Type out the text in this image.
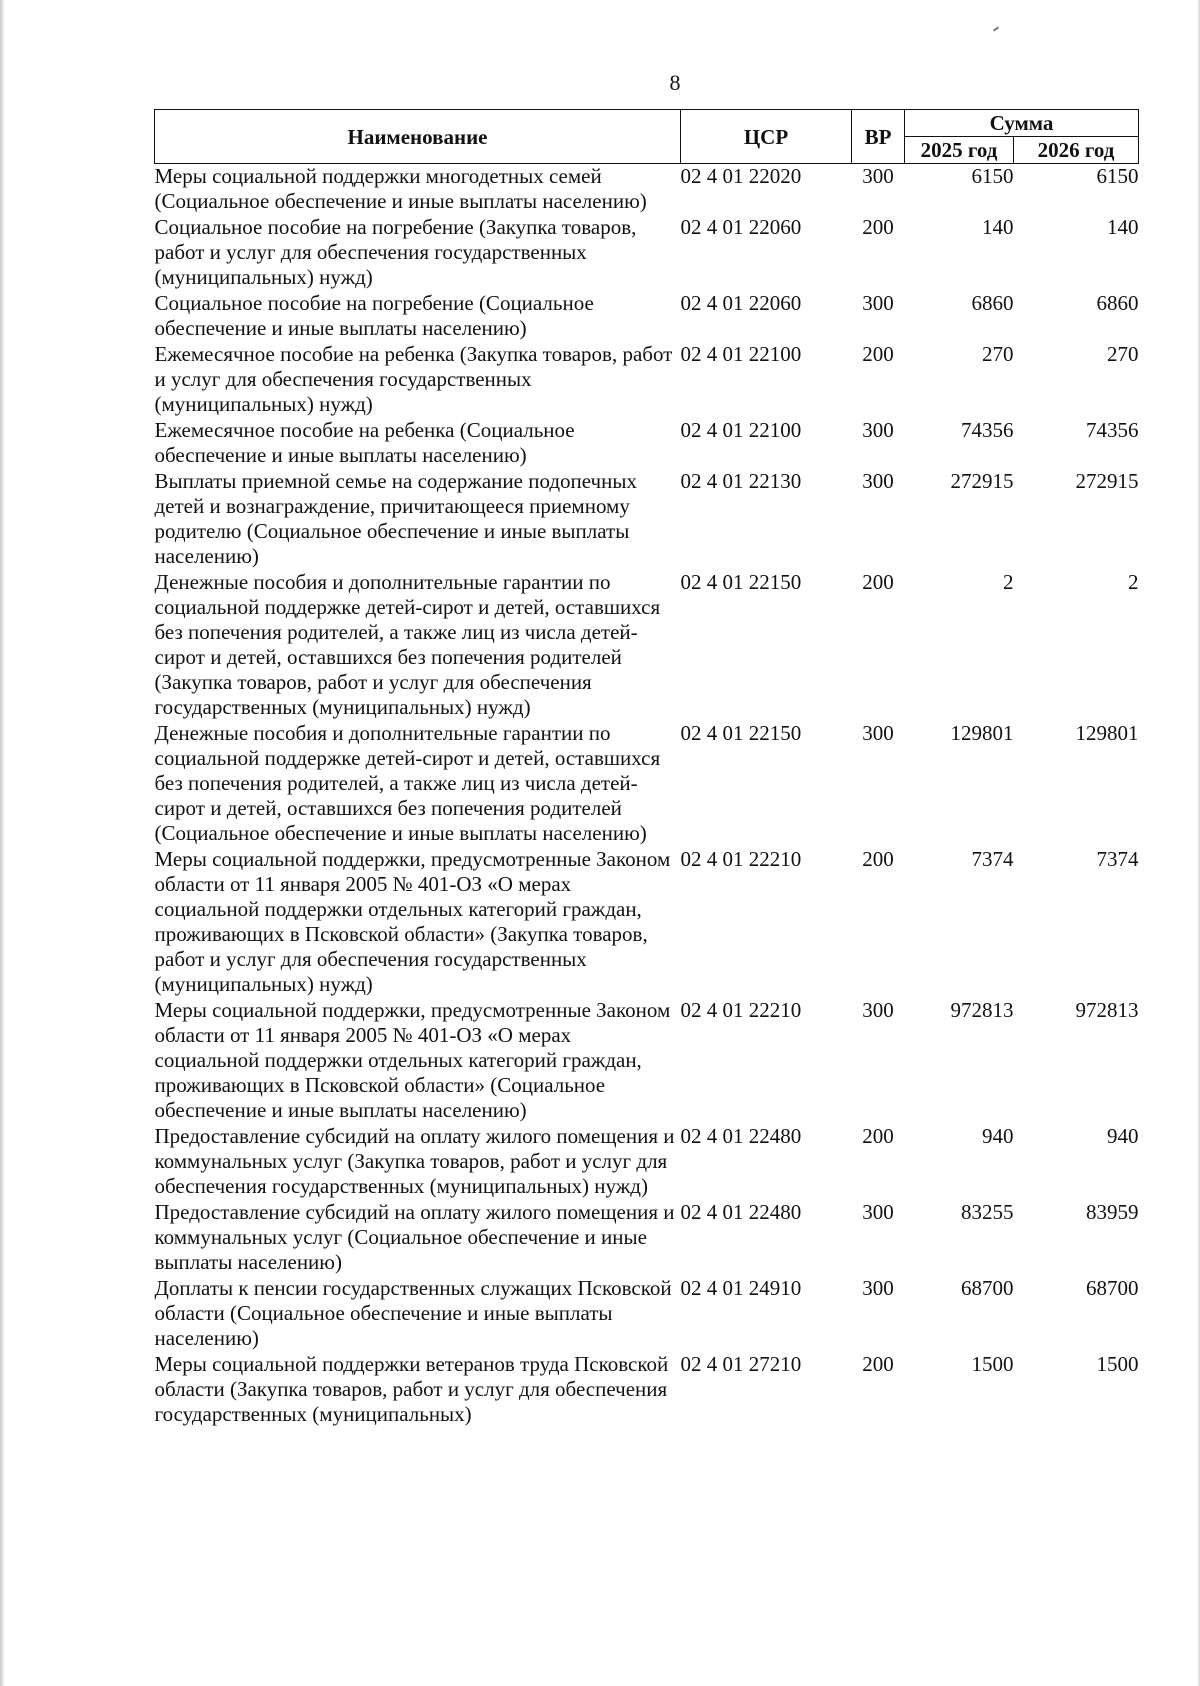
8
Наименование	ЦСР	ВР	Сумма	
			2025 год	2026 год
Меры социальной поддержки многодетных семей (Социальное обеспечение и иные выплаты населению)	02 4 01 22020	300	6150	6150
Социальное пособие на погребение (Закупка товаров, работ и услуг для обеспечения государственных (муниципальных) нужд)	02 4 01 22060	200	140	140
Социальное пособие на погребение (Социальное обеспечение и иные выплаты населению)	02 4 01 22060	300	6860	6860
Ежемесячное пособие на ребенка (Закупка товаров, работ и услуг для обеспечения государственных (муниципальных) нужд)	02 4 01 22100	200	270	270
Ежемесячное пособие на ребенка (Социальное обеспечение и иные выплаты населению)	02 4 01 22100	300	74356	74356
Выплаты приемной семье на содержание подопечных детей и вознаграждение, причитающееся приемному родителю (Социальное обеспечение и иные выплаты населению)	02 4 01 22130	300	272915	272915
Денежные пособия и дополнительные гарантии по социальной поддержке детей-сирот и детей, оставшихся без попечения родителей, а также лиц из числа детей-сирот и детей, оставшихся без попечения родителей (Закупка товаров, работ и услуг для обеспечения государственных (муниципальных) нужд)	02 4 01 22150	200	2	2
Денежные пособия и дополнительные гарантии по социальной поддержке детей-сирот и детей, оставшихся без попечения родителей, а также лиц из числа детей-сирот и детей, оставшихся без попечения родителей (Социальное обеспечение и иные выплаты населению)	02 4 01 22150	300	129801	129801
Меры социальной поддержки, предусмотренные Законом области от 11 января 2005 № 401-ОЗ «О мерах социальной поддержки отдельных категорий граждан, проживающих в Псковской области» (Закупка товаров, работ и услуг для обеспечения государственных (муниципальных) нужд)	02 4 01 22210	200	7374	7374
Меры социальной поддержки, предусмотренные Законом области от 11 января 2005 № 401-ОЗ «О мерах социальной поддержки отдельных категорий граждан, проживающих в Псковской области» (Социальное обеспечение и иные выплаты населению)	02 4 01 22210	300	972813	972813
Предоставление субсидий на оплату жилого помещения и коммунальных услуг (Закупка товаров, работ и услуг для обеспечения государственных (муниципальных) нужд)	02 4 01 22480	200	940	940
Предоставление субсидий на оплату жилого помещения и коммунальных услуг (Социальное обеспечение и иные выплаты населению)	02 4 01 22480	300	83255	83959
Доплаты к пенсии государственных служащих Псковской области (Социальное обеспечение и иные выплаты населению)	02 4 01 24910	300	68700	68700
Меры социальной поддержки ветеранов труда Псковской области (Закупка товаров, работ и услуг для обеспечения государственных (муниципальных)	02 4 01 27210	200	1500	1500
